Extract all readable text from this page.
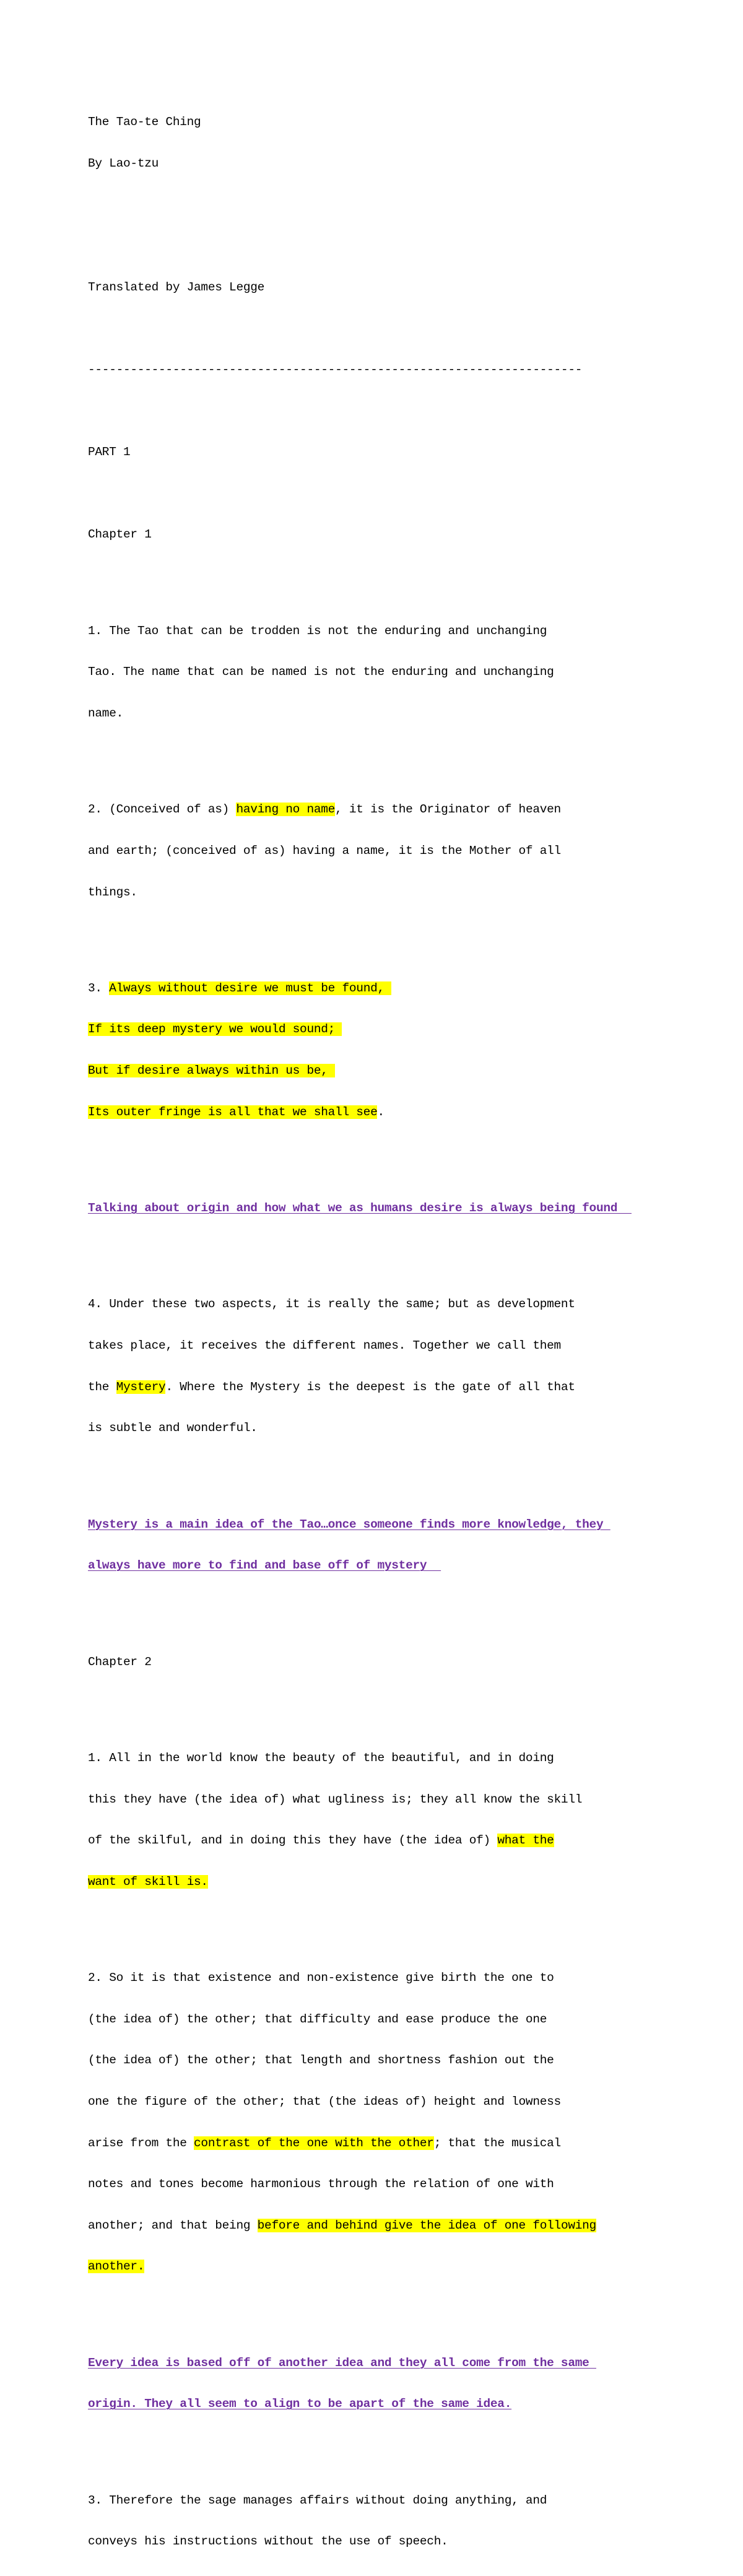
The Tao-te Ching

By Lao-tzu

Translated by James Legge

----------------------------------------------------------------------

PART 1

Chapter 1

1. The Tao that can be trodden is not the enduring and unchanging

Tao. The name that can be named is not the enduring and unchanging

name.

2. (Conceived of as) having no name, it is the Originator of heaven

and earth; (conceived of as) having a name, it is the Mother of all

things.

3. Always without desire we must be found,

If its deep mystery we would sound;

But if desire always within us be,

Its outer fringe is all that we shall see.

Talking about origin and how what we as humans desire is always being found

4. Under these two aspects, it is really the same; but as development

takes place, it receives the different names. Together we call them

the Mystery. Where the Mystery is the deepest is the gate of all that

is subtle and wonderful.

Mystery is a main idea of the Tao…once someone finds more knowledge, they

always have more to find and base off of mystery

Chapter 2

1. All in the world know the beauty of the beautiful, and in doing

this they have (the idea of) what ugliness is; they all know the skill

of the skilful, and in doing this they have (the idea of) what the

want of skill is.

2. So it is that existence and non-existence give birth the one to

(the idea of) the other; that difficulty and ease produce the one

(the idea of) the other; that length and shortness fashion out the

one the figure of the other; that (the ideas of) height and lowness

arise from the contrast of the one with the other; that the musical

notes and tones become harmonious through the relation of one with

another; and that being before and behind give the idea of one following

another.

Every idea is based off of another idea and they all come from the same

origin. They all seem to align to be apart of the same idea.

3. Therefore the sage manages affairs without doing anything, and

conveys his instructions without the use of speech.
